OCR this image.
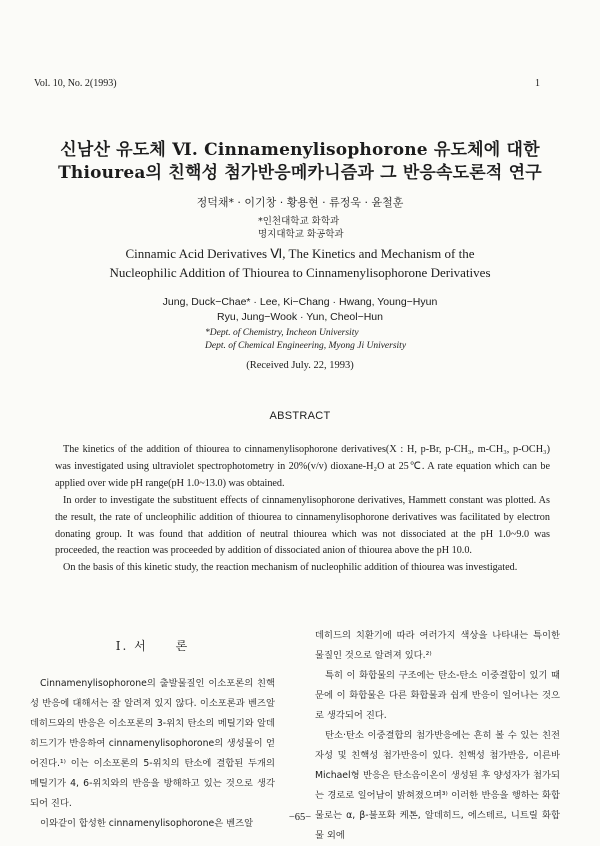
Vol. 10, No. 2(1993)	1
신남산 유도체 Ⅵ. Cinnamenylisophorone 유도체에 대한
Thiourea의 친핵성 첨가반응메카니즘과 그 반응속도론적 연구
정덕채* · 이기창 · 황용현 · 류정욱 · 윤철훈
*인천대학교 화학과
명지대학교 화공학과
Cinnamic Acid Derivatives Ⅵ, The Kinetics and Mechanism of the
Nucleophilic Addition of Thiourea to Cinnamenylisophorone Derivatives
Jung, Duck−Chae* · Lee, Ki−Chang · Hwang, Young−Hyun
Ryu, Jung−Wook · Yun, Cheol−Hun
*Dept. of Chemistry, Incheon University
Dept. of Chemical Engineering, Myong Ji University
(Received July. 22, 1993)
ABSTRACT

The kinetics of the addition of thiourea to cinnamenylisophorone derivatives(X : H, p-Br, p-CH₃, m-CH₃, p-OCH₃) was investigated using ultraviolet spectrophotometry in 20%(v/v) dioxane-H₂O at 25℃. A rate equation which can be applied over wide pH range(pH 1.0~13.0) was obtained.

In order to investigate the substituent effects of cinnamenylisophorone derivatives, Hammett constant was plotted. As the result, the rate of uncleophilic addition of thiourea to cinnamenylisophorone derivatives was facilitated by electron donating group. It was found that addition of neutral thiourea which was not dissociated at the pH 1.0~9.0 was proceeded, the reaction was proceeded by addition of dissociated anion of thiourea above the pH 10.0.

On the basis of this kinetic study, the reaction mechanism of nucleophilic addition of thiourea was investigated.

I. 서　　론

Cinnamenylisophorone의 출발물질인 이소포론의 친핵성 반응에 대해서는 잘 알려져 있지 않다. 이소포론과 벤즈알데히드와의 반응은 이소포론의 3-위치 탄소의 메틸기와 알데히드기가 반응하여 cinnamenylisophorone의 생성물이 얻어진다.¹⁾ 이는 이소포론의 5-위치의 탄소에 결합된 두개의 메틸기가 4, 6-위치와의 반응을 방해하고 있는 것으로 생각되어 진다.

이와같이 합성한 cinnamenylisophorone은 벤즈알

데히드의 치환기에 따라 여러가지 색상을 나타내는 특이한 물질인 것으로 알려져 있다.²⁾

특히 이 화합물의 구조에는 탄소-탄소 이중결합이 있기 때문에 이 화합물은 다른 화합물과 쉽게 반응이 일어나는 것으로 생각되어 진다.

탄소·탄소 이중결합의 첨가반응에는 흔히 볼 수 있는 친전자성 및 친핵성 첨가반응이 있다. 친핵성 첨가반응, 이른바 Michael형 반응은 탄소음이온이 생성된 후 양성자가 첨가되는 경로로 일어남이 밝혀졌으며³⁾ 이러한 반응을 행하는 화합물로는 α, β-불포화 케톤, 알데히드, 에스테르, 니트릴 화합물 외에

−65−
